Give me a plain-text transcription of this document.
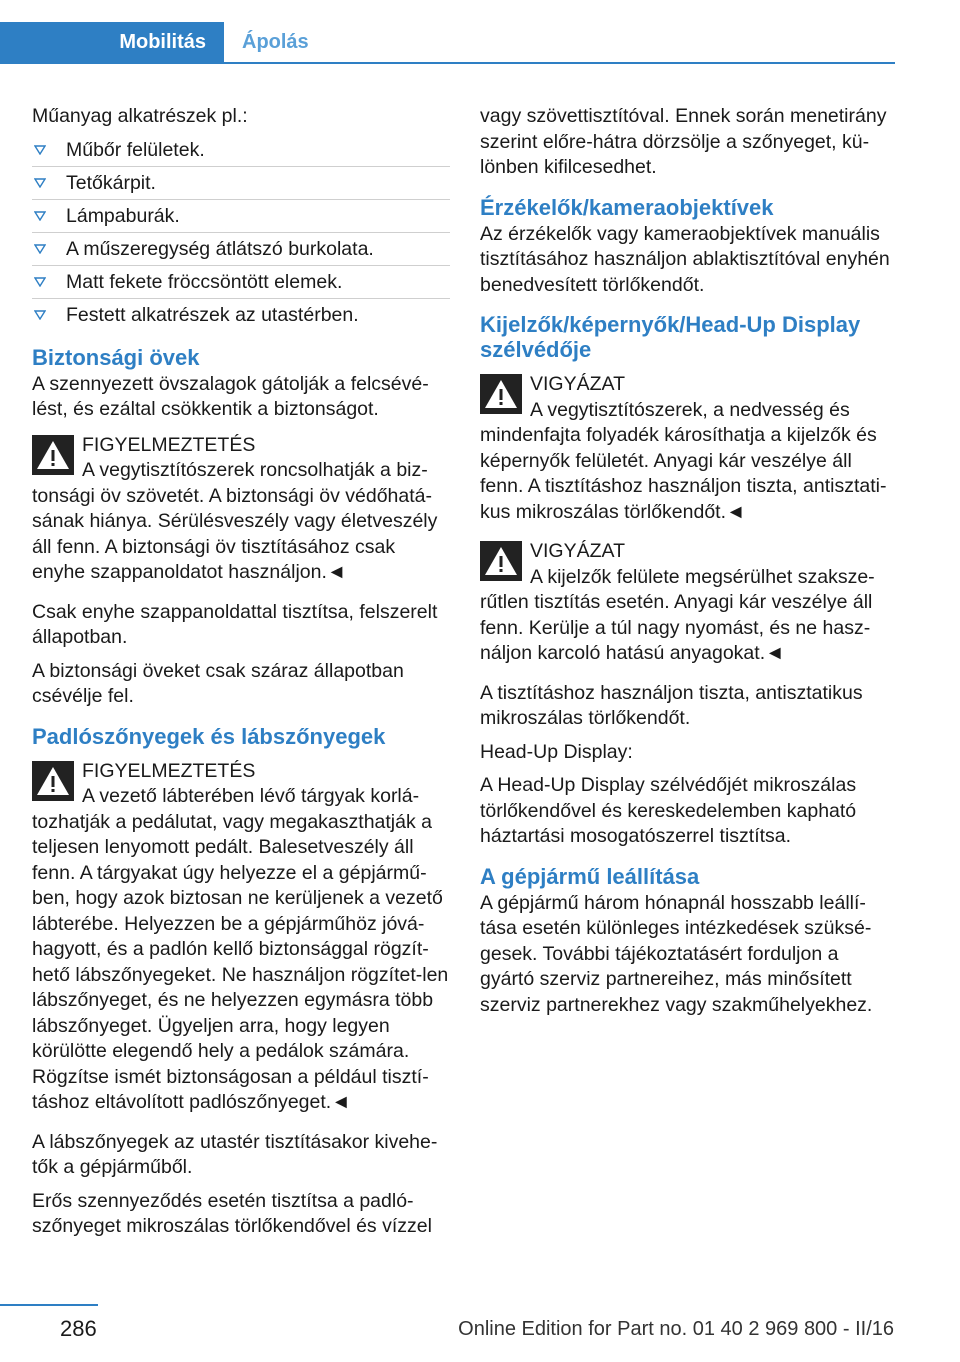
Mobilitás Ápolás

Műanyag alkatrészek pl.:

Műbőr felületek.
Tetőkárpit.
Lámpaburák.
A műszeregység átlátszó burkolata.
Matt fekete fröccsöntött elemek.
Festett alkatrészek az utastérben.
Biztonsági övek

A szennyezett övszalagok gátolják a felcsévélést, és ezáltal csökkentik a biztonságot.

FIGYELMEZTETÉS
A vegytisztítószerek roncsolhatják a biz‐
tonsági öv szövetét. A biztonsági öv védőhatá‐sának hiánya. Sérülésveszély vagy életveszély áll fenn. A biztonsági öv tisztításához csak enyhe szappanoldatot használjon.◄

Csak enyhe szappanoldattal tisztítsa, felszerelt állapotban.

A biztonsági öveket csak száraz állapotban csévélje fel.

Padlószőnyegek és lábszőnyegek
FIGYELMEZTETÉS
A vezető lábterében lévő tárgyak korlá‐
tozhatják a pedálutat, vagy megakaszthatják a teljesen lenyomott pedált. Balesetveszély áll fenn. A tárgyakat úgy helyezze el a gépjármű‐ben, hogy azok biztosan ne kerüljenek a vezető lábterébe. Helyezzen be a gépjárműhöz jóvá‐hagyott, és a padlón kellő biztonsággal rögzít‐hető lábszőnyegeket. Ne használjon rögzítet‐len lábszőnyeget, és ne helyezzen egymásra több lábszőnyeget. Ügyeljen arra, hogy legyen körülötte elegendő hely a pedálok számára. Rögzítse ismét biztonságosan a például tisztí‐táshoz eltávolított padlószőnyeget.◄

A lábszőnyegek az utastér tisztításakor kivehe‐tők a gépjárműből.

Erős szennyeződés esetén tisztítsa a padló‐szőnyeget mikroszálas törlőkendővel és vízzel

vagy szövettisztítóval. Ennek során menetirány szerint előre-hátra dörzsölje a szőnyeget, kü‐lönben kifilcesedhet.

Érzékelők/kameraobjektívek

Az érzékelők vagy kameraobjektívek manuális tisztításához használjon ablaktisztítóval enyhén benedvesített törlőkendőt.

Kijelzők/képernyők/Head-Up Display szélvédője
VIGYÁZAT
A vegytisztítószerek, a nedvesség és
mindenfajta folyadék károsíthatja a kijelzők és képernyők felületét. Anyagi kár veszélye áll fenn. A tisztításhoz használjon tiszta, antisztati‐kus mikroszálas törlőkendőt.◄
VIGYÁZAT
A kijelzők felülete megsérülhet szaksze‐
rűtlen tisztítás esetén. Anyagi kár veszélye áll fenn. Kerülje a túl nagy nyomást, és ne hasz‐náljon karcoló hatású anyagokat.◄

A tisztításhoz használjon tiszta, antisztatikus mikroszálas törlőkendőt.

Head-Up Display:

A Head-Up Display szélvédőjét mikroszálas törlőkendővel és kereskedelemben kapható háztartási mosogatószerrel tisztítsa.

A gépjármű leállítása

A gépjármű három hónapnál hosszabb leállí‐tása esetén különleges intézkedések szüksé‐gesek. További tájékoztatásért forduljon a gyártó szerviz partnereihez, más minősített szerviz partnerekhez vagy szakműhelyekhez.

286	Online Edition for Part no. 01 40 2 969 800 - II/16
